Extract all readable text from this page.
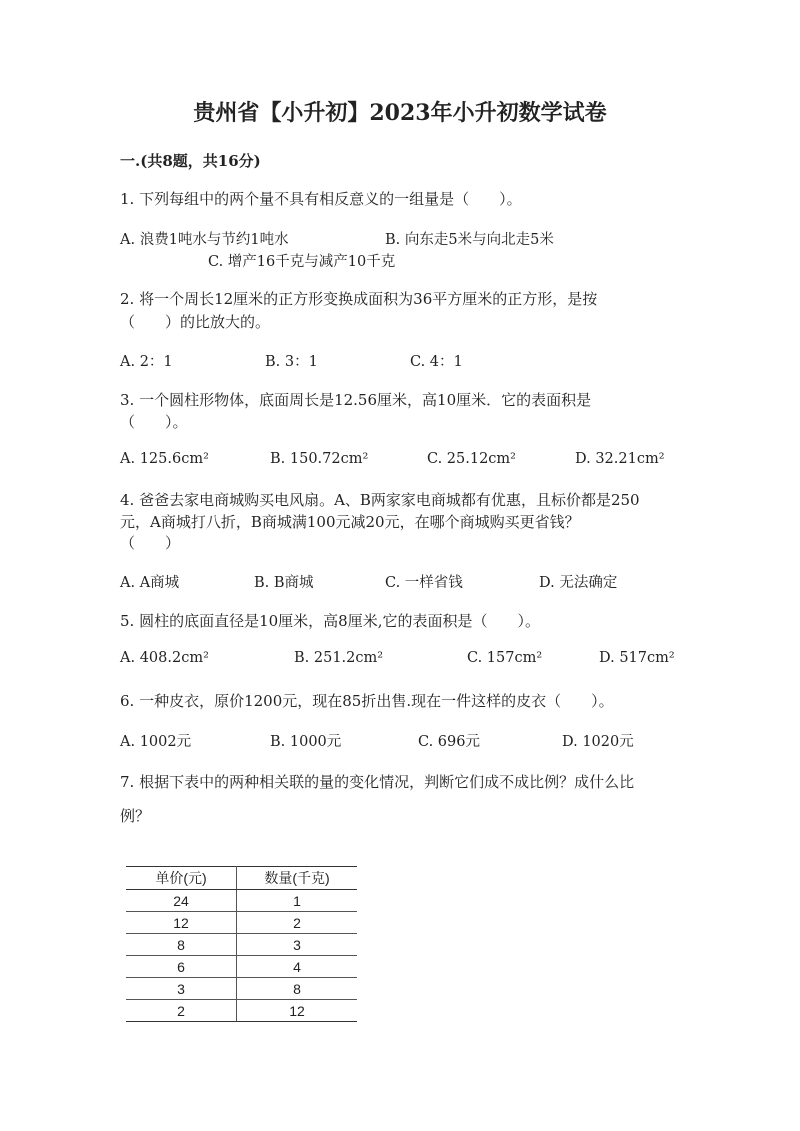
贵州省【小升初】2023年小升初数学试卷
一.(共8题，共16分)
1. 下列每组中的两个量不具有相反意义的一组量是（　　）。
A. 浪费1吨水与节约1吨水	B. 向东走5米与向北走5米
C. 增产16千克与减产10千克
2. 将一个周长12厘米的正方形变换成面积为36平方厘米的正方形，是按
（　　）的比放大的。
A. 2：1	B. 3：1	C. 4：1
3. 一个圆柱形物体，底面周长是12.56厘米，高10厘米．它的表面积是
（　　）。
A. 125.6cm²	B. 150.72cm²	C. 25.12cm²	D. 32.21cm²
4. 爸爸去家电商城购买电风扇。A、B两家家电商城都有优惠，且标价都是250
元，A商城打八折，B商城满100元减20元，在哪个商城购买更省钱？
（　　）
A. A商城	B. B商城	C. 一样省钱	D. 无法确定
5. 圆柱的底面直径是10厘米，高8厘米,它的表面积是（　　）。
A. 408.2cm²	B. 251.2cm²	C. 157cm²	D. 517cm²
6. 一种皮衣，原价1200元，现在85折出售.现在一件这样的皮衣（　　）。
A. 1002元	B. 1000元	C. 696元	D. 1020元
7. 根据下表中的两种相关联的量的变化情况，判断它们成不成比例？成什么比
例？
单价(元)	数量(千克)
24	1
12	2
8	3
6	4
3	8
2	12
